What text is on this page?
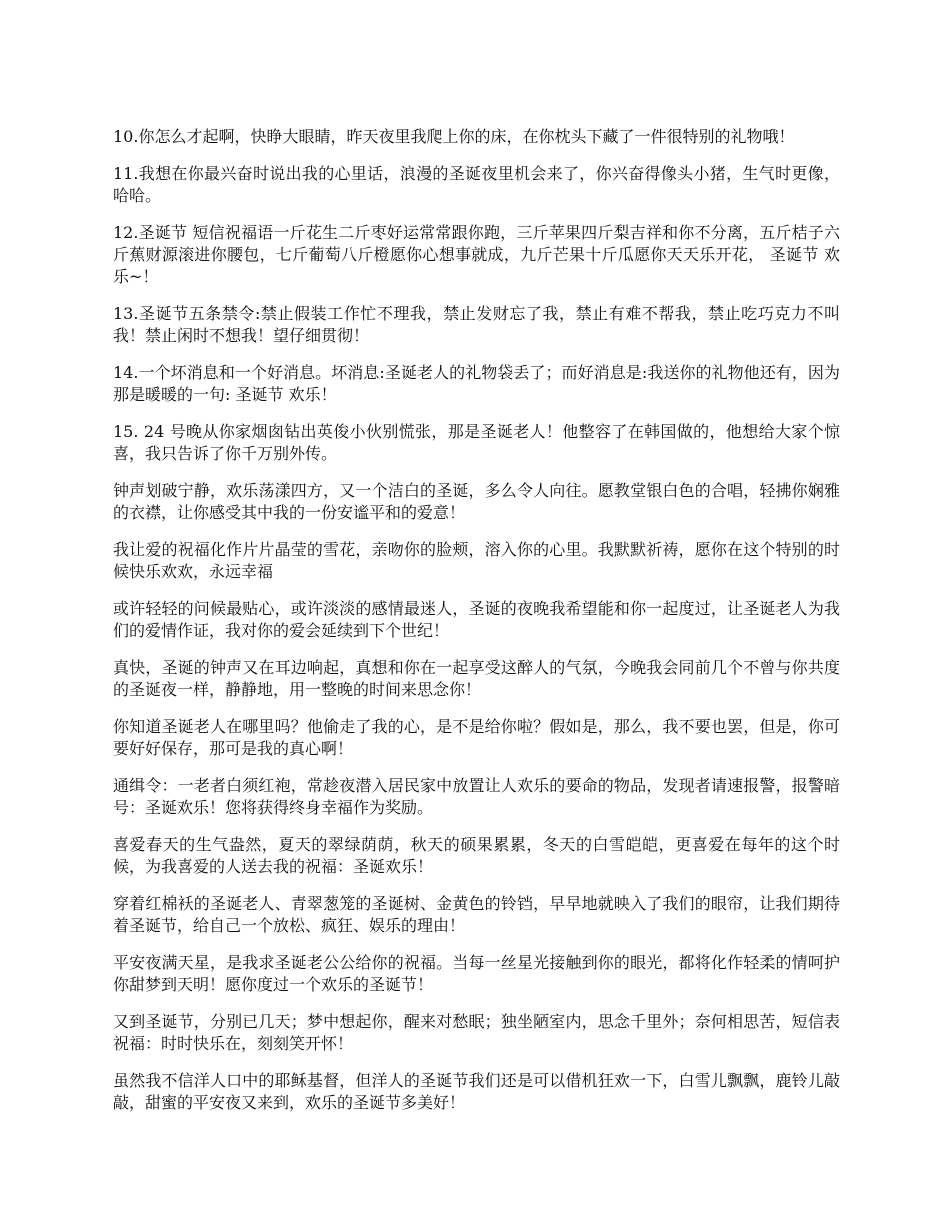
10.你怎么才起啊，快睁大眼睛，昨天夜里我爬上你的床，在你枕头下藏了一件很特别的礼物哦！

11.我想在你最兴奋时说出我的心里话，浪漫的圣诞夜里机会来了，你兴奋得像头小猪，生气时更像，哈哈。

12.圣诞节 短信祝福语一斤花生二斤枣好运常常跟你跑，三斤苹果四斤梨吉祥和你不分离，五斤桔子六斤蕉财源滚进你腰包，七斤葡萄八斤橙愿你心想事就成，九斤芒果十斤瓜愿你天天乐开花， 圣诞节 欢乐~！

13.圣诞节五条禁令:禁止假装工作忙不理我，禁止发财忘了我，禁止有难不帮我，禁止吃巧克力不叫我！禁止闲时不想我！望仔细贯彻！

14.一个坏消息和一个好消息。坏消息:圣诞老人的礼物袋丢了；而好消息是:我送你的礼物他还有，因为那是暖暖的一句: 圣诞节 欢乐！

15. 24 号晚从你家烟囱钻出英俊小伙别慌张，那是圣诞老人！他整容了在韩国做的，他想给大家个惊喜，我只告诉了你千万别外传。

钟声划破宁静，欢乐荡漾四方，又一个洁白的圣诞，多么令人向往。愿教堂银白色的合唱，轻拂你娴雅的衣襟，让你感受其中我的一份安谧平和的爱意！

我让爱的祝福化作片片晶莹的雪花，亲吻你的脸颊，溶入你的心里。我默默祈祷，愿你在这个特别的时候快乐欢欢，永远幸福

或许轻轻的问候最贴心，或许淡淡的感情最迷人，圣诞的夜晚我希望能和你一起度过，让圣诞老人为我们的爱情作证，我对你的爱会延续到下个世纪！

真快，圣诞的钟声又在耳边响起，真想和你在一起享受这醉人的气氛，今晚我会同前几个不曾与你共度的圣诞夜一样，静静地，用一整晚的时间来思念你！

你知道圣诞老人在哪里吗？他偷走了我的心，是不是给你啦？假如是，那么，我不要也罢，但是，你可要好好保存，那可是我的真心啊！

通缉令：一老者白须红袍，常趁夜潜入居民家中放置让人欢乐的要命的物品，发现者请速报警，报警暗号：圣诞欢乐！您将获得终身幸福作为奖励。

喜爱春天的生气盎然，夏天的翠绿荫荫，秋天的硕果累累，冬天的白雪皑皑，更喜爱在每年的这个时候，为我喜爱的人送去我的祝福：圣诞欢乐！

穿着红棉袄的圣诞老人、青翠葱笼的圣诞树、金黄色的铃铛，早早地就映入了我们的眼帘，让我们期待着圣诞节，给自己一个放松、疯狂、娱乐的理由！

平安夜满天星，是我求圣诞老公公给你的祝福。当每一丝星光接触到你的眼光，都将化作轻柔的情呵护你甜梦到天明！愿你度过一个欢乐的圣诞节！

又到圣诞节，分别已几天；梦中想起你，醒来对愁眠；独坐陋室内，思念千里外；奈何相思苦，短信表祝福：时时快乐在，刻刻笑开怀！

虽然我不信洋人口中的耶稣基督，但洋人的圣诞节我们还是可以借机狂欢一下，白雪儿飘飘，鹿铃儿敲敲，甜蜜的平安夜又来到，欢乐的圣诞节多美好！
